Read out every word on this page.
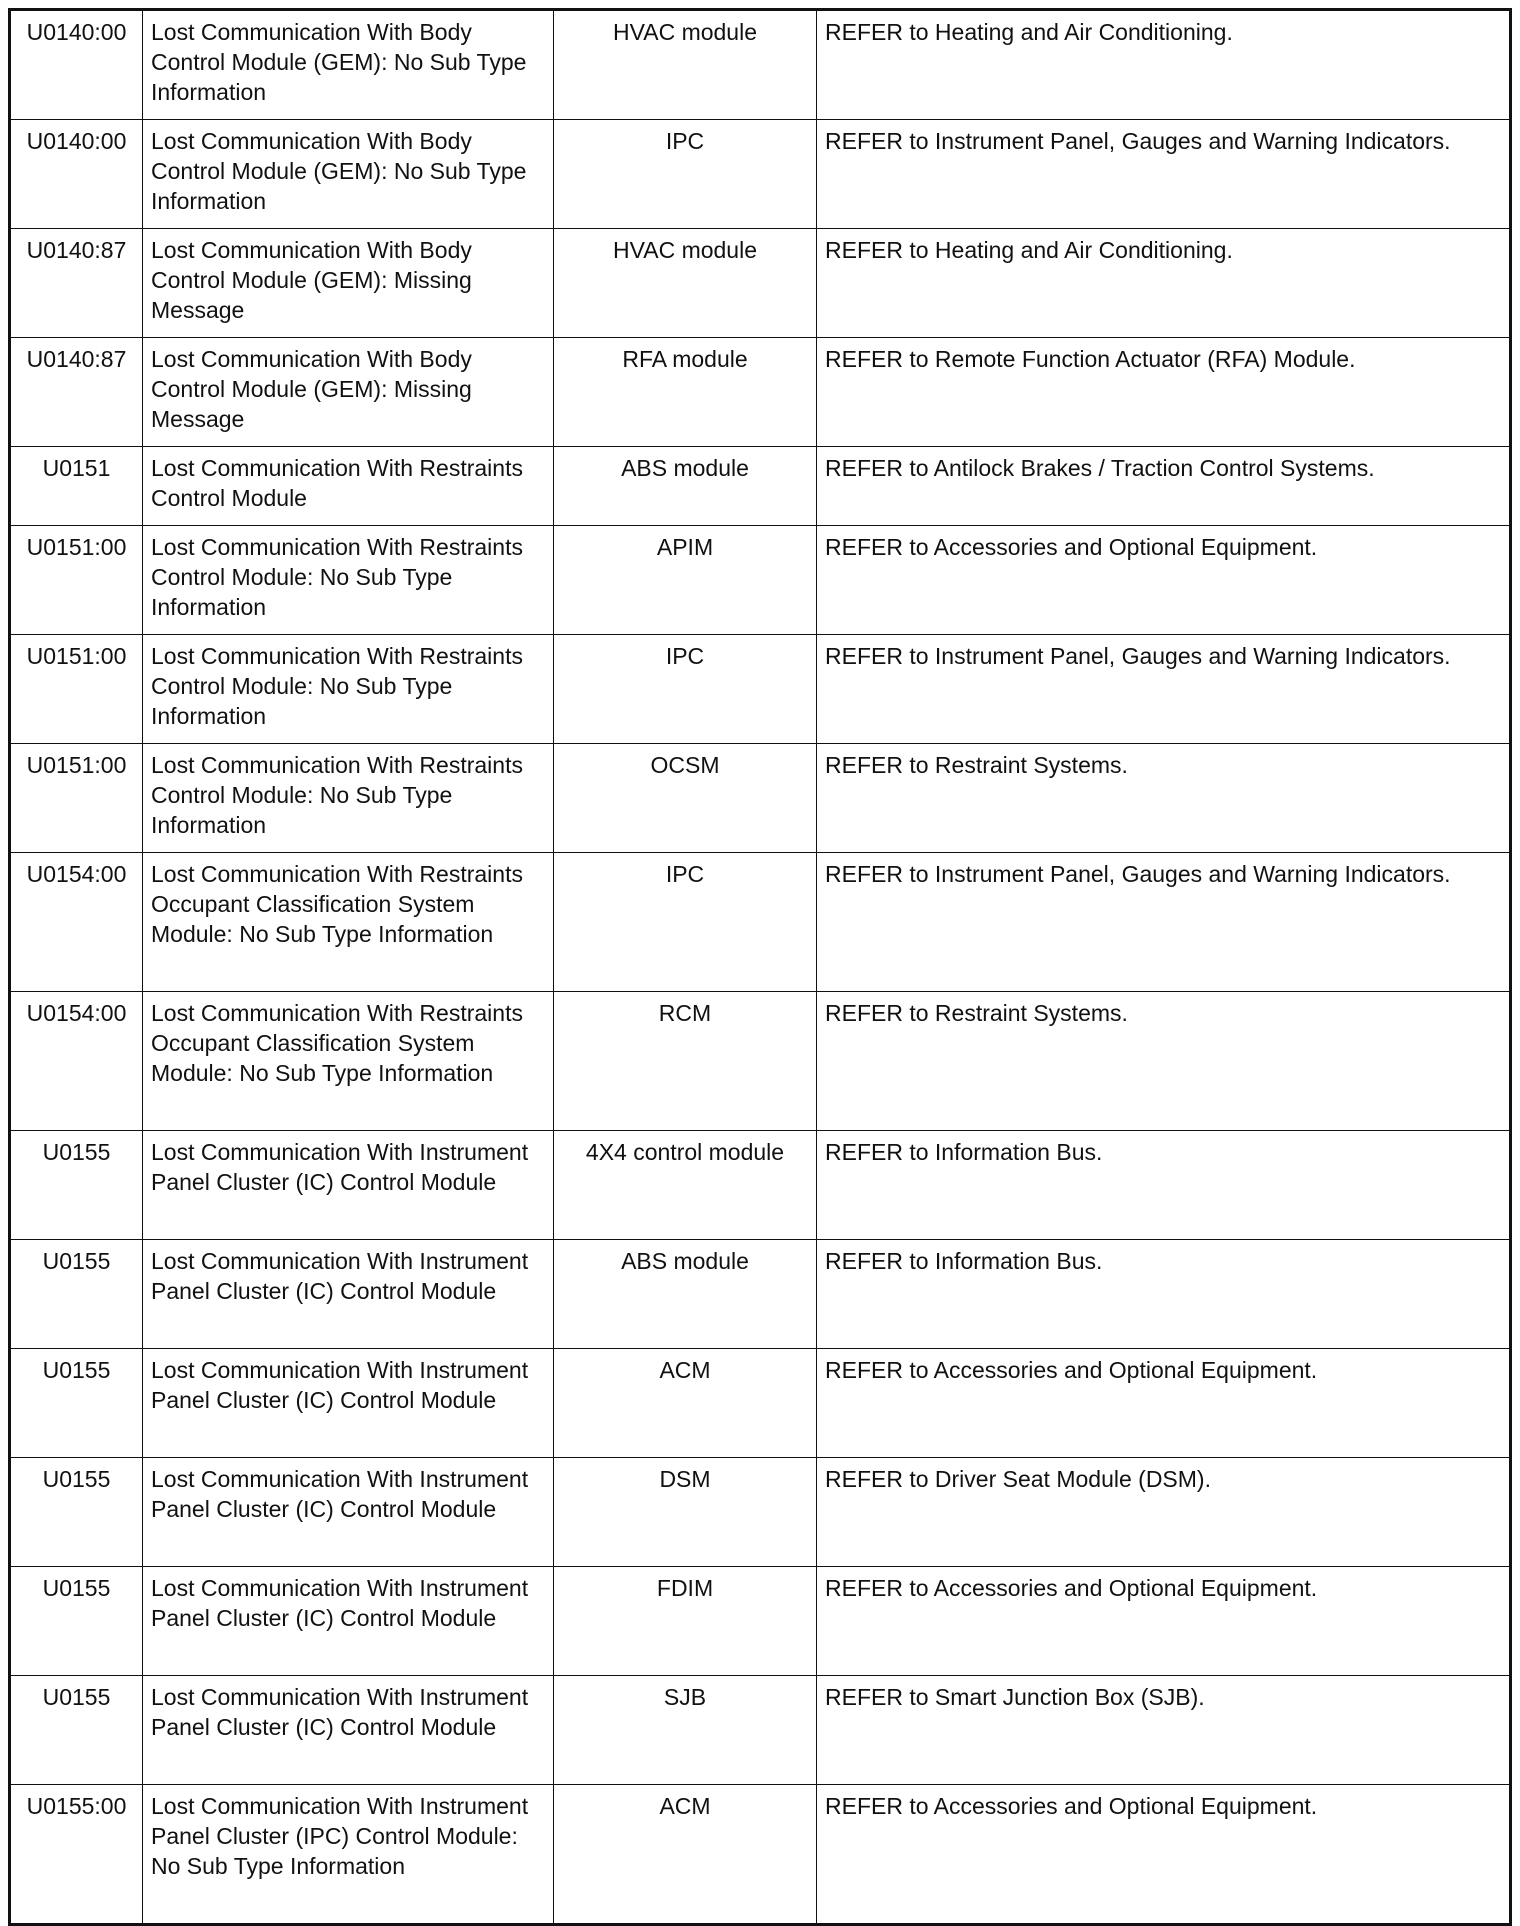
U0140:00	Lost Communication With Body Control Module (GEM): No Sub Type Information	HVAC module	REFER to Heating and Air Conditioning.
U0140:00	Lost Communication With Body Control Module (GEM): No Sub Type Information	IPC	REFER to Instrument Panel, Gauges and Warning Indicators.
U0140:87	Lost Communication With Body Control Module (GEM): Missing Message	HVAC module	REFER to Heating and Air Conditioning.
U0140:87	Lost Communication With Body Control Module (GEM): Missing Message	RFA module	REFER to Remote Function Actuator (RFA) Module.
U0151	Lost Communication With Restraints Control Module	ABS module	REFER to Antilock Brakes / Traction Control Systems.
U0151:00	Lost Communication With Restraints Control Module: No Sub Type Information	APIM	REFER to Accessories and Optional Equipment.
U0151:00	Lost Communication With Restraints Control Module: No Sub Type Information	IPC	REFER to Instrument Panel, Gauges and Warning Indicators.
U0151:00	Lost Communication With Restraints Control Module: No Sub Type Information	OCSM	REFER to Restraint Systems.
U0154:00	Lost Communication With Restraints Occupant Classification System Module: No Sub Type Information	IPC	REFER to Instrument Panel, Gauges and Warning Indicators.
U0154:00	Lost Communication With Restraints Occupant Classification System Module: No Sub Type Information	RCM	REFER to Restraint Systems.
U0155	Lost Communication With Instrument Panel Cluster (IC) Control Module	4X4 control module	REFER to Information Bus.
U0155	Lost Communication With Instrument Panel Cluster (IC) Control Module	ABS module	REFER to Information Bus.
U0155	Lost Communication With Instrument Panel Cluster (IC) Control Module	ACM	REFER to Accessories and Optional Equipment.
U0155	Lost Communication With Instrument Panel Cluster (IC) Control Module	DSM	REFER to Driver Seat Module (DSM).
U0155	Lost Communication With Instrument Panel Cluster (IC) Control Module	FDIM	REFER to Accessories and Optional Equipment.
U0155	Lost Communication With Instrument Panel Cluster (IC) Control Module	SJB	REFER to Smart Junction Box (SJB).
U0155:00	Lost Communication With Instrument Panel Cluster (IPC) Control Module: No Sub Type Information	ACM	REFER to Accessories and Optional Equipment.
